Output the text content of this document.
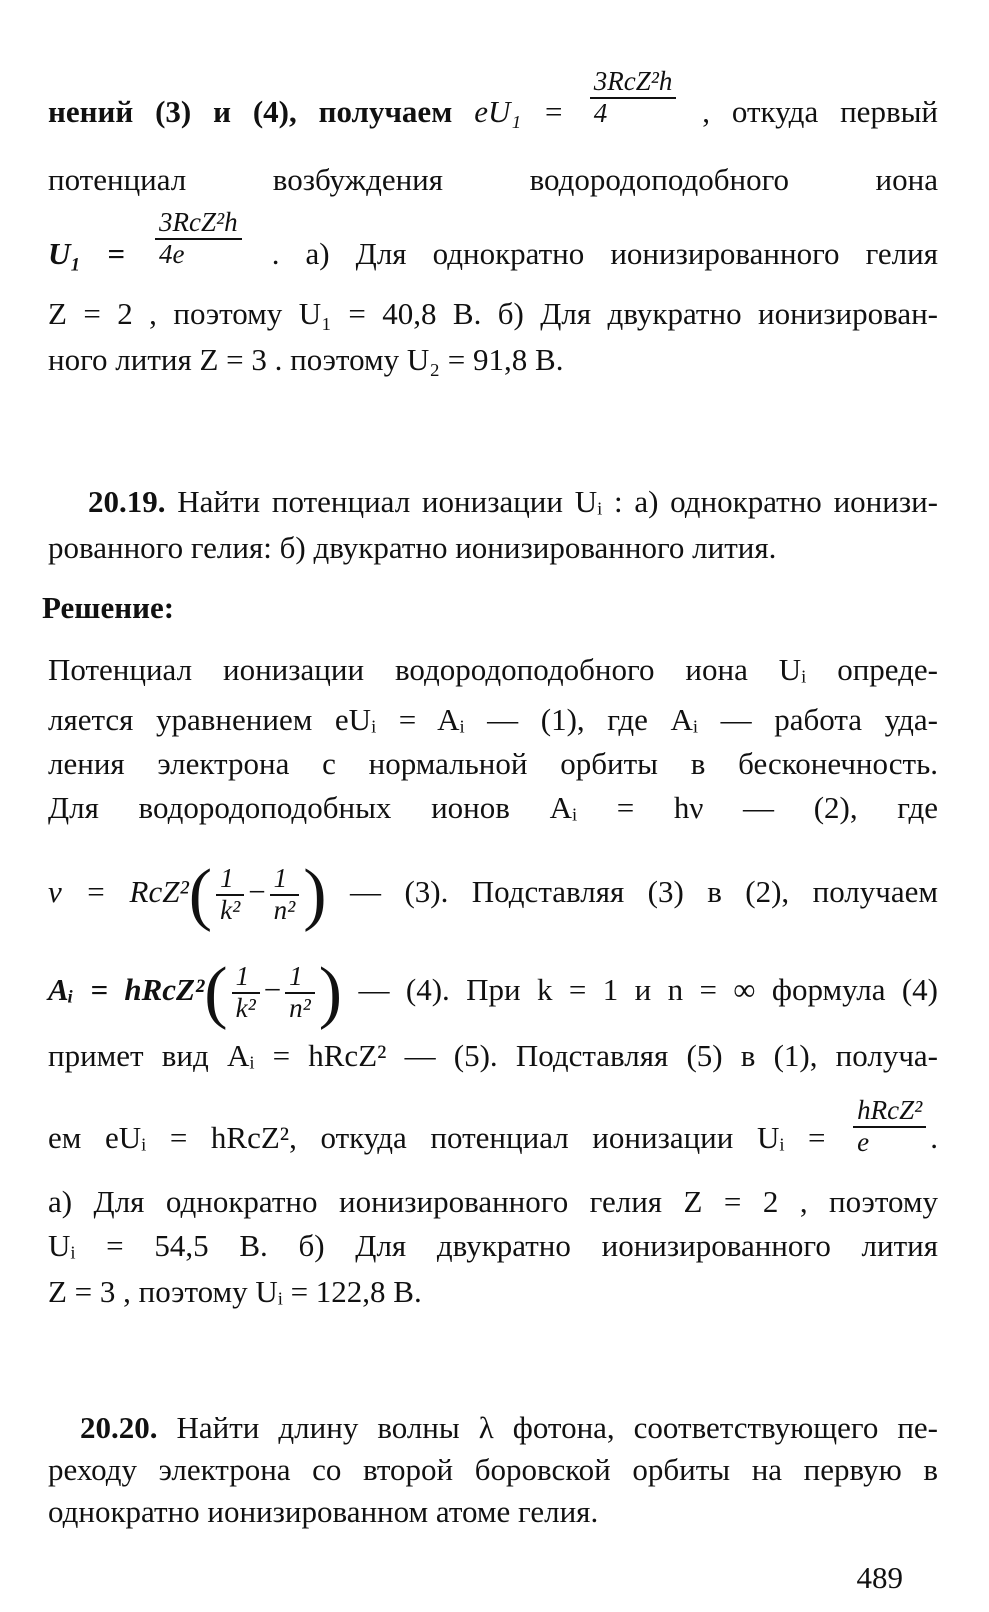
нений (3) и (4), получаем $eU_1 = \frac{\text{3RcZ²h}}{4}$ , откуда первый
потенциал возбуждения водородоподобного иона
$U_1 = \frac{\text{3RcZ²h}}{4e}$ . а) Для однократно ионизированного гелия
Z = 2 , поэтому U₁ = 40,8 В. б) Для двукратно ионизирован-
ного лития Z = 3 . поэтому U₂ = 91,8 В.
20.19. Найти потенциал ионизации Uᵢ : а) однократно ионизи-
рованного гелия: б) двукратно ионизированного лития.
Решение:
Потенциал ионизации водородоподобного иона Uᵢ опреде-
ляется уравнением eUᵢ = Aᵢ — (1), где Aᵢ — работа уда-
ления электрона с нормальной орбиты в бесконечность.
Для водородоподобных ионов Aᵢ = hν — (2), где
$\nu = RcZ^2( \frac{1}{\text{k²}} - \frac{1}{\text{n²}}$ ) — (3). Подставляя (3) в (2), получаем
Aᵢ = hRcZ²( $\frac{1}{\text{k²}} - \frac{1}{\text{n²}}$ ) — (4). При k = 1 и n = ∞ формула (4)
примет вид Aᵢ = hRcZ² — (5). Подставляя (5) в (1), получа-
ем eUᵢ = hRcZ², откуда потенциал ионизации Uᵢ = $\frac{\text{hRcZ²}}{e}$ .
а) Для однократно ионизированного гелия Z = 2 , поэтому
Uᵢ = 54,5 В. б) Для двукратно ионизированного лития
Z = 3 , поэтому Uᵢ = 122,8 В.
20.20. Найти длину волны λ фотона, соответствующего пе-
реходу электрона со второй боровской орбиты на первую в
однократно ионизированном атоме гелия.
489
